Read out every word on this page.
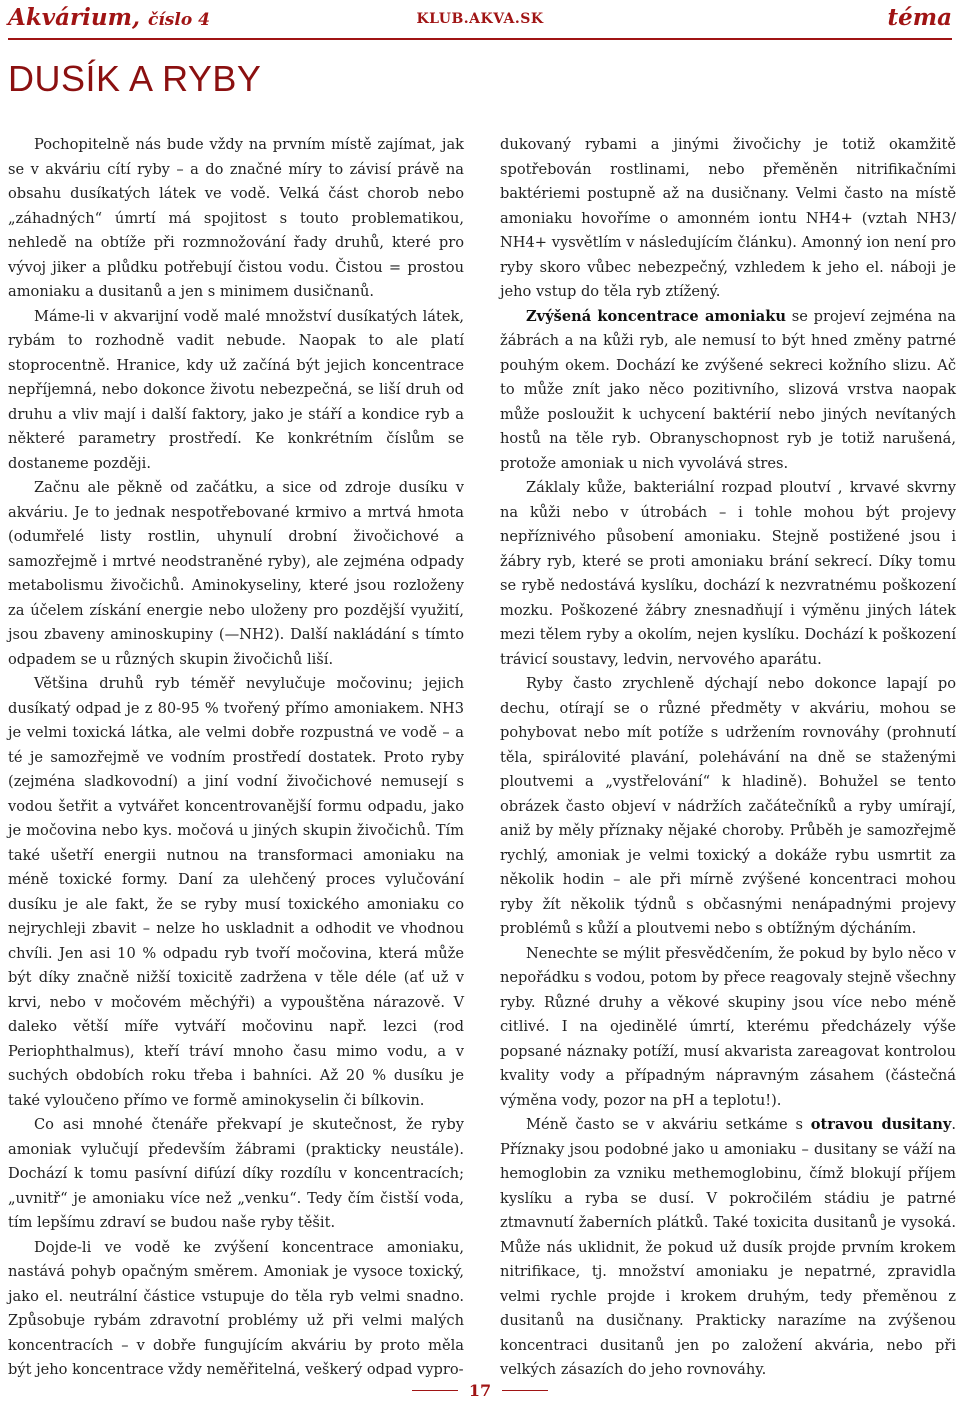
Akvárium, číslo 4	KLUB.AKVA.SK	téma
DUSÍK A RYBY

Pochopitelně nás bude vždy na prvním místě zajímat, jak se v akváriu cítí ryby – a do značné míry to závisí právě na obsahu dusíkatých látek ve vodě. Velká část chorob nebo „záhadných“ úmrtí má spojitost s touto problematikou, nehledě na obtíže při rozmnožování řady druhů, které pro vývoj jiker a plůdku potřebují čistou vodu. Čistou = prostou amoniaku a dusitanů a jen s minimem dusičnanů.

Máme-li v akvarijní vodě malé množství dusíkatých látek, rybám to rozhodně vadit nebude. Naopak to ale platí stoprocentně. Hranice, kdy už začíná být jejich koncentrace nepříjemná, nebo dokonce životu nebezpečná, se liší druh od druhu a vliv mají i další faktory, jako je stáří a kondice ryb a některé parametry prostředí. Ke konkrétním číslům se dostaneme později.

Začnu ale pěkně od začátku, a sice od zdroje dusíku v akváriu. Je to jednak nespotřebované krmivo a mrtvá hmota (odumřelé listy rostlin, uhynulí drobní živočichové a samozřejmě i mrtvé neodstraněné ryby), ale zejména odpady metabolismu živočichů. Aminokyseliny, které jsou rozloženy za účelem získání energie nebo uloženy pro pozdější využití, jsou zbaveny aminoskupiny (—NH2). Další nakládání s tímto odpadem se u různých skupin živočichů liší.

Většina druhů ryb téměř nevylučuje močovinu; jejich dusíkatý odpad je z 80-95 % tvořený přímo amoniakem. NH3 je velmi toxická látka, ale velmi dobře rozpustná ve vodě – a té je samozřejmě ve vodním prostředí dostatek. Proto ryby (zejména sladkovodní) a jiní vodní živočichové nemusejí s vodou šetřit a vytvářet koncentrovanější formu odpadu, jako je močovina nebo kys. močová u jiných skupin živočichů. Tím také ušetří energii nutnou na transformaci amoniaku na méně toxické formy. Daní za ulehčený proces vylučování dusíku je ale fakt, že se ryby musí toxického amoniaku co nejrychleji zbavit – nelze ho uskladnit a odhodit ve vhodnou chvíli. Jen asi 10 % odpadu ryb tvoří močovina, která může být díky značně nižší toxicitě zadržena v těle déle (ať už v krvi, nebo v močovém měchýři) a vypouštěna nárazově. V daleko větší míře vytváří močovinu např. lezci (rod Periophthalmus), kteří tráví mnoho času mimo vodu, a v suchých obdobích roku třeba i bahníci. Až 20 % dusíku je také vyloučeno přímo ve formě aminokyselin či bílkovin.

Co asi mnohé čtenáře překvapí je skutečnost, že ryby amoniak vylučují především žábrami (prakticky neustále). Dochází k tomu pasívní difúzí díky rozdílu v koncentracích; „uvnitř“ je amoniaku více než „venku“. Tedy čím čistší voda, tím lepšímu zdraví se budou naše ryby těšit.

Dojde-li ve vodě ke zvýšení koncentrace amoniaku, nastává pohyb opačným směrem. Amoniak je vysoce toxický, jako el. neutrální částice vstupuje do těla ryb velmi snadno. Způsobuje rybám zdravotní problémy už při velmi malých koncentracích – v dobře fungujícím akváriu by proto měla být jeho koncentrace vždy neměřitelná, veškerý odpad vypro-

dukovaný rybami a jinými živočichy je totiž okamžitě spotřebován rostlinami, nebo přeměněn nitrifikačními baktériemi postupně až na dusičnany. Velmi často na místě amoniaku hovoříme o amonném iontu NH4+ (vztah NH3/ NH4+ vysvětlím v následujícím článku). Amonný ion není pro ryby skoro vůbec nebezpečný, vzhledem k jeho el. náboji je jeho vstup do těla ryb ztížený.

Zvýšená koncentrace amoniaku se projeví zejména na žábrách a na kůži ryb, ale nemusí to být hned změny patrné pouhým okem. Dochází ke zvýšené sekreci kožního slizu. Ač to může znít jako něco pozitivního, slizová vrstva naopak může posloužit k uchycení baktérií nebo jiných nevítaných hostů na těle ryb. Obranyschopnost ryb je totiž narušená, protože amoniak u nich vyvolává stres.

Záklaly kůže, bakteriální rozpad ploutví , krvavé skvrny na kůži nebo v útrobách – i tohle mohou být projevy nepříznivého působení amoniaku. Stejně postižené jsou i žábry ryb, které se proti amoniaku brání sekrecí. Díky tomu se rybě nedostává kyslíku, dochází k nezvratnému poškození mozku. Poškozené žábry znesnadňují i výměnu jiných látek mezi tělem ryby a okolím, nejen kyslíku. Dochází k poškození trávicí soustavy, ledvin, nervového aparátu.

Ryby často zrychleně dýchají nebo dokonce lapají po dechu, otírají se o různé předměty v akváriu, mohou se pohybovat nebo mít potíže s udržením rovnováhy (prohnutí těla, spirálovité plavání, polehávání na dně se staženými ploutvemi a „vystřelování“ k hladině). Bohužel se tento obrázek často objeví v nádržích začátečníků a ryby umírají, aniž by měly příznaky nějaké choroby. Průběh je samozřejmě rychlý, amoniak je velmi toxický a dokáže rybu usmrtit za několik hodin – ale při mírně zvýšené koncentraci mohou ryby žít několik týdnů s občasnými nenápadnými projevy problémů s kůží a ploutvemi nebo s obtížným dýcháním.

Nenechte se mýlit přesvědčením, že pokud by bylo něco v nepořádku s vodou, potom by přece reagovaly stejně všechny ryby. Různé druhy a věkové skupiny jsou více nebo méně citlivé. I na ojedinělé úmrtí, kterému předcházely výše popsané náznaky potíží, musí akvarista zareagovat kontrolou kvality vody a případným nápravným zásahem (částečná výměna vody, pozor na pH a teplotu!).

Méně často se v akváriu setkáme s otravou dusitany. Příznaky jsou podobné jako u amoniaku – dusitany se váží na hemoglobin za vzniku methemoglobinu, čímž blokují příjem kyslíku a ryba se dusí. V pokročilém stádiu je patrné ztmavnutí žaberních plátků. Také toxicita dusitanů je vysoká. Může nás uklidnit, že pokud už dusík projde prvním krokem nitrifikace, tj. množství amoniaku je nepatrné, zpravidla velmi rychle projde i krokem druhým, tedy přeměnou z dusitanů na dusičnany. Prakticky narazíme na zvýšenou koncentraci dusitanů jen po založení akvária, nebo při velkých zásazích do jeho rovnováhy.

17
